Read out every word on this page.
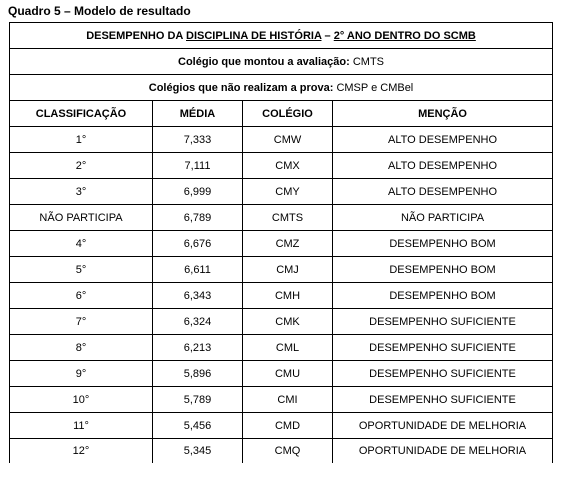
Quadro 5 – Modelo de resultado
DESEMPENHO DA DISCIPLINA DE HISTÓRIA – 2° ANO DENTRO DO SCMB			
Colégio que montou a avaliação: CMTS			
Colégios que não realizam a prova: CMSP e CMBel			
CLASSIFICAÇÃO	MÉDIA	COLÉGIO	MENÇÃO
1°	7,333	CMW	ALTO DESEMPENHO
2°	7,111	CMX	ALTO DESEMPENHO
3°	6,999	CMY	ALTO DESEMPENHO
NÃO PARTICIPA	6,789	CMTS	NÃO PARTICIPA
4°	6,676	CMZ	DESEMPENHO BOM
5°	6,611	CMJ	DESEMPENHO BOM
6°	6,343	CMH	DESEMPENHO BOM
7°	6,324	CMK	DESEMPENHO SUFICIENTE
8°	6,213	CML	DESEMPENHO SUFICIENTE
9°	5,896	CMU	DESEMPENHO SUFICIENTE
10°	5,789	CMI	DESEMPENHO SUFICIENTE
11°	5,456	CMD	OPORTUNIDADE DE MELHORIA
12°	5,345	CMQ	OPORTUNIDADE DE MELHORIA
